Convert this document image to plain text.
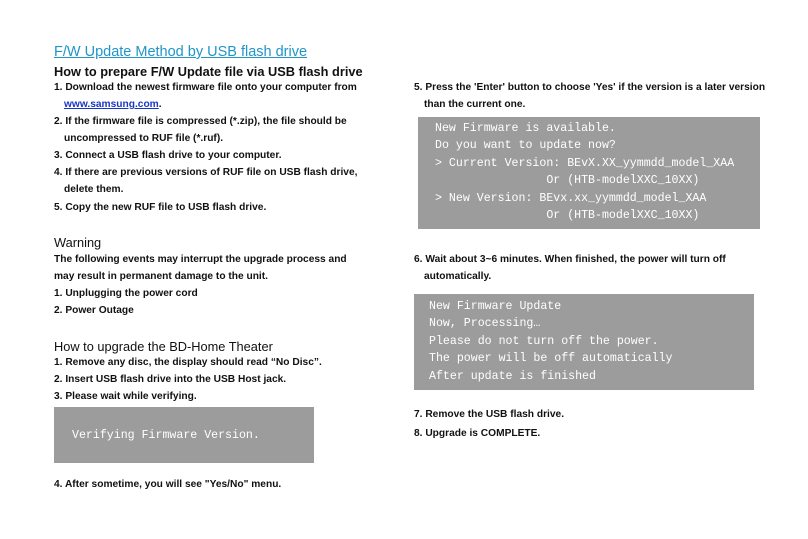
F/W Update Method by USB flash drive
How to prepare F/W Update file via USB flash drive

1. Download the newest firmware file onto your computer from

www.samsung.com.

2. If the firmware file is compressed (*.zip), the file should be

uncompressed to RUF file (*.ruf).

3. Connect a USB flash drive to your computer.

4. If there are previous versions of RUF file on USB flash drive,

delete them.

5. Copy the new RUF file to USB flash drive.

Warning

The following events may interrupt the upgrade process and

may result in permanent damage to the unit.

1. Unplugging the power cord

2. Power Outage

How to upgrade the BD-Home Theater

1. Remove any disc, the display should read “No Disc”.

2. Insert USB flash drive into the USB Host jack.

3. Please wait while verifying.

Verifying Firmware Version.

4. After sometime, you will see "Yes/No" menu.

5. Press the 'Enter' button to choose 'Yes' if the version is a later version

than the current one.

New Firmware is available.

Do you want to update now?

> Current Version: BEvX.XX_yymmdd_model_XAA

Or (HTB-modelXXC_10XX)

> New Version: BEvx.xx_yymmdd_model_XAA

Or (HTB-modelXXC_10XX)

6. Wait about 3~6 minutes. When finished, the power will turn off

automatically.

New Firmware Update

Now, Processing…

Please do not turn off the power.

The power will be off automatically

After update is finished

7. Remove the USB flash drive.

8. Upgrade is COMPLETE.
